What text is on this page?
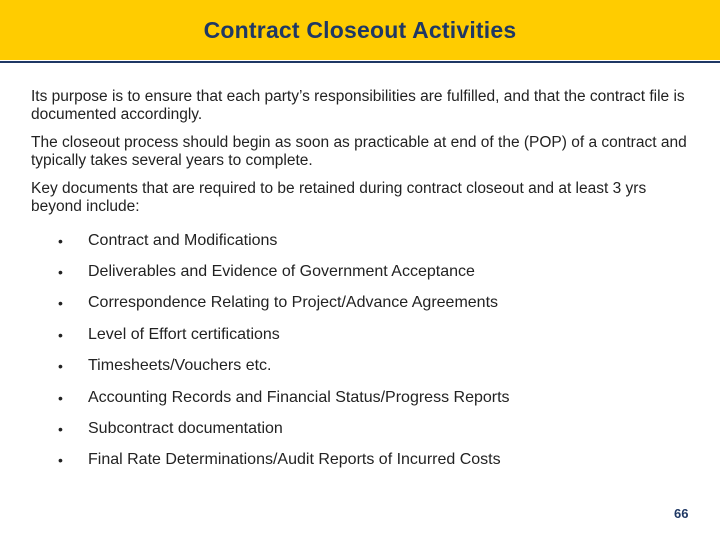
Contract Closeout Activities

Its purpose is to ensure that each party’s responsibilities are fulfilled, and that the contract file is documented accordingly.

The closeout process should begin as soon as practicable at end of the (POP) of a contract and typically takes several years to complete.

Key documents that are required to be retained during contract closeout and at least 3 yrs beyond include:

• Contract and Modifications
• Deliverables and Evidence of Government Acceptance
• Correspondence Relating to Project/Advance Agreements
• Level of Effort certifications
• Timesheets/Vouchers etc.
• Accounting Records and Financial Status/Progress Reports
• Subcontract documentation
• Final Rate Determinations/Audit Reports of Incurred Costs
66
